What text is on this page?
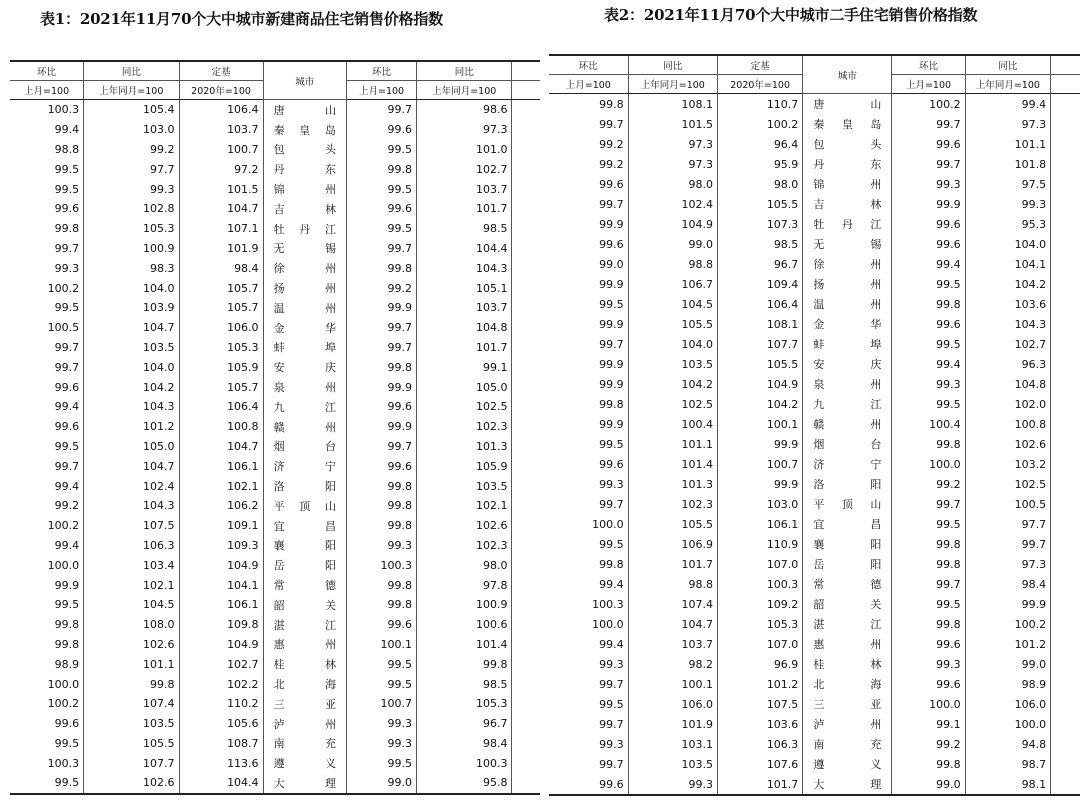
表1：2021年11月70个大中城市新建商品住宅销售价格指数	表2：2021年11月70个大中城市二手住宅销售价格指数
环比	同比	定基	城市	环比	同比	
上月=100	上年同月=100	2020年=100		上月=100	上年同月=100	
100.3	105.4	106.4	唐山	99.7	98.6	
99.4	103.0	103.7	秦皇岛	99.6	97.3	
98.8	99.2	100.7	包头	99.5	101.0	
99.5	97.7	97.2	丹东	99.8	102.7	
99.5	99.3	101.5	锦州	99.5	103.7	
99.6	102.8	104.7	吉林	99.6	101.7	
99.8	105.3	107.1	牡丹江	99.5	98.5	
99.7	100.9	101.9	无锡	99.7	104.4	
99.3	98.3	98.4	徐州	99.8	104.3	
100.2	104.0	105.7	扬州	99.2	105.1	
99.5	103.9	105.7	温州	99.9	103.7	
100.5	104.7	106.0	金华	99.7	104.8	
99.7	103.5	105.3	蚌埠	99.7	101.7	
99.7	104.0	105.9	安庆	99.8	99.1	
99.6	104.2	105.7	泉州	99.9	105.0	
99.4	104.3	106.4	九江	99.6	102.5	
99.6	101.2	100.8	赣州	99.9	102.3	
99.5	105.0	104.7	烟台	99.7	101.3	
99.7	104.7	106.1	济宁	99.6	105.9	
99.4	102.4	102.1	洛阳	99.8	103.5	
99.2	104.3	106.2	平顶山	99.8	102.1	
100.2	107.5	109.1	宜昌	99.8	102.6	
99.4	106.3	109.3	襄阳	99.3	102.3	
100.0	103.4	104.9	岳阳	100.3	98.0	
99.9	102.1	104.1	常德	99.8	97.8	
99.5	104.5	106.1	韶关	99.8	100.9	
99.8	108.0	109.8	湛江	99.6	100.6	
99.8	102.6	104.9	惠州	100.1	101.4	
98.9	101.1	102.7	桂林	99.5	99.8	
100.0	99.8	102.2	北海	99.5	98.5	
100.2	107.4	110.2	三亚	100.7	105.3	
99.6	103.5	105.6	泸州	99.3	96.7	
99.5	105.5	108.7	南充	99.3	98.4	
100.3	107.7	113.6	遵义	99.5	100.3	
99.5	102.6	104.4	大理	99.0	95.8	
环比	同比	定基	城市	环比	同比	
上月=100	上年同月=100	2020年=100		上月=100	上年同月=100	
99.8	108.1	110.7	唐山	100.2	99.4	
99.7	101.5	100.2	秦皇岛	99.7	97.3	
99.2	97.3	96.4	包头	99.6	101.1	
99.2	97.3	95.9	丹东	99.7	101.8	
99.6	98.0	98.0	锦州	99.3	97.5	
99.7	102.4	105.5	吉林	99.9	99.3	
99.9	104.9	107.3	牡丹江	99.6	95.3	
99.6	99.0	98.5	无锡	99.6	104.0	
99.0	98.8	96.7	徐州	99.4	104.1	
99.9	106.7	109.4	扬州	99.5	104.2	
99.5	104.5	106.4	温州	99.8	103.6	
99.9	105.5	108.1	金华	99.6	104.3	
99.7	104.0	107.7	蚌埠	99.5	102.7	
99.9	103.5	105.5	安庆	99.4	96.3	
99.9	104.2	104.9	泉州	99.3	104.8	
99.8	102.5	104.2	九江	99.5	102.0	
99.9	100.4	100.1	赣州	100.4	100.8	
99.5	101.1	99.9	烟台	99.8	102.6	
99.6	101.4	100.7	济宁	100.0	103.2	
99.3	101.3	99.9	洛阳	99.2	102.5	
99.7	102.3	103.0	平顶山	99.7	100.5	
100.0	105.5	106.1	宜昌	99.5	97.7	
99.5	106.9	110.9	襄阳	99.8	99.7	
99.8	101.7	107.0	岳阳	99.8	97.3	
99.4	98.8	100.3	常德	99.7	98.4	
100.3	107.4	109.2	韶关	99.5	99.9	
100.0	104.7	105.3	湛江	99.8	100.2	
99.4	103.7	107.0	惠州	99.6	101.2	
99.3	98.2	96.9	桂林	99.3	99.0	
99.7	100.1	101.2	北海	99.6	98.9	
99.5	106.0	107.5	三亚	100.0	106.0	
99.7	101.9	103.6	泸州	99.1	100.0	
99.3	103.1	106.3	南充	99.2	94.8	
99.7	103.5	107.6	遵义	99.8	98.7	
99.6	99.3	101.7	大理	99.0	98.1	
